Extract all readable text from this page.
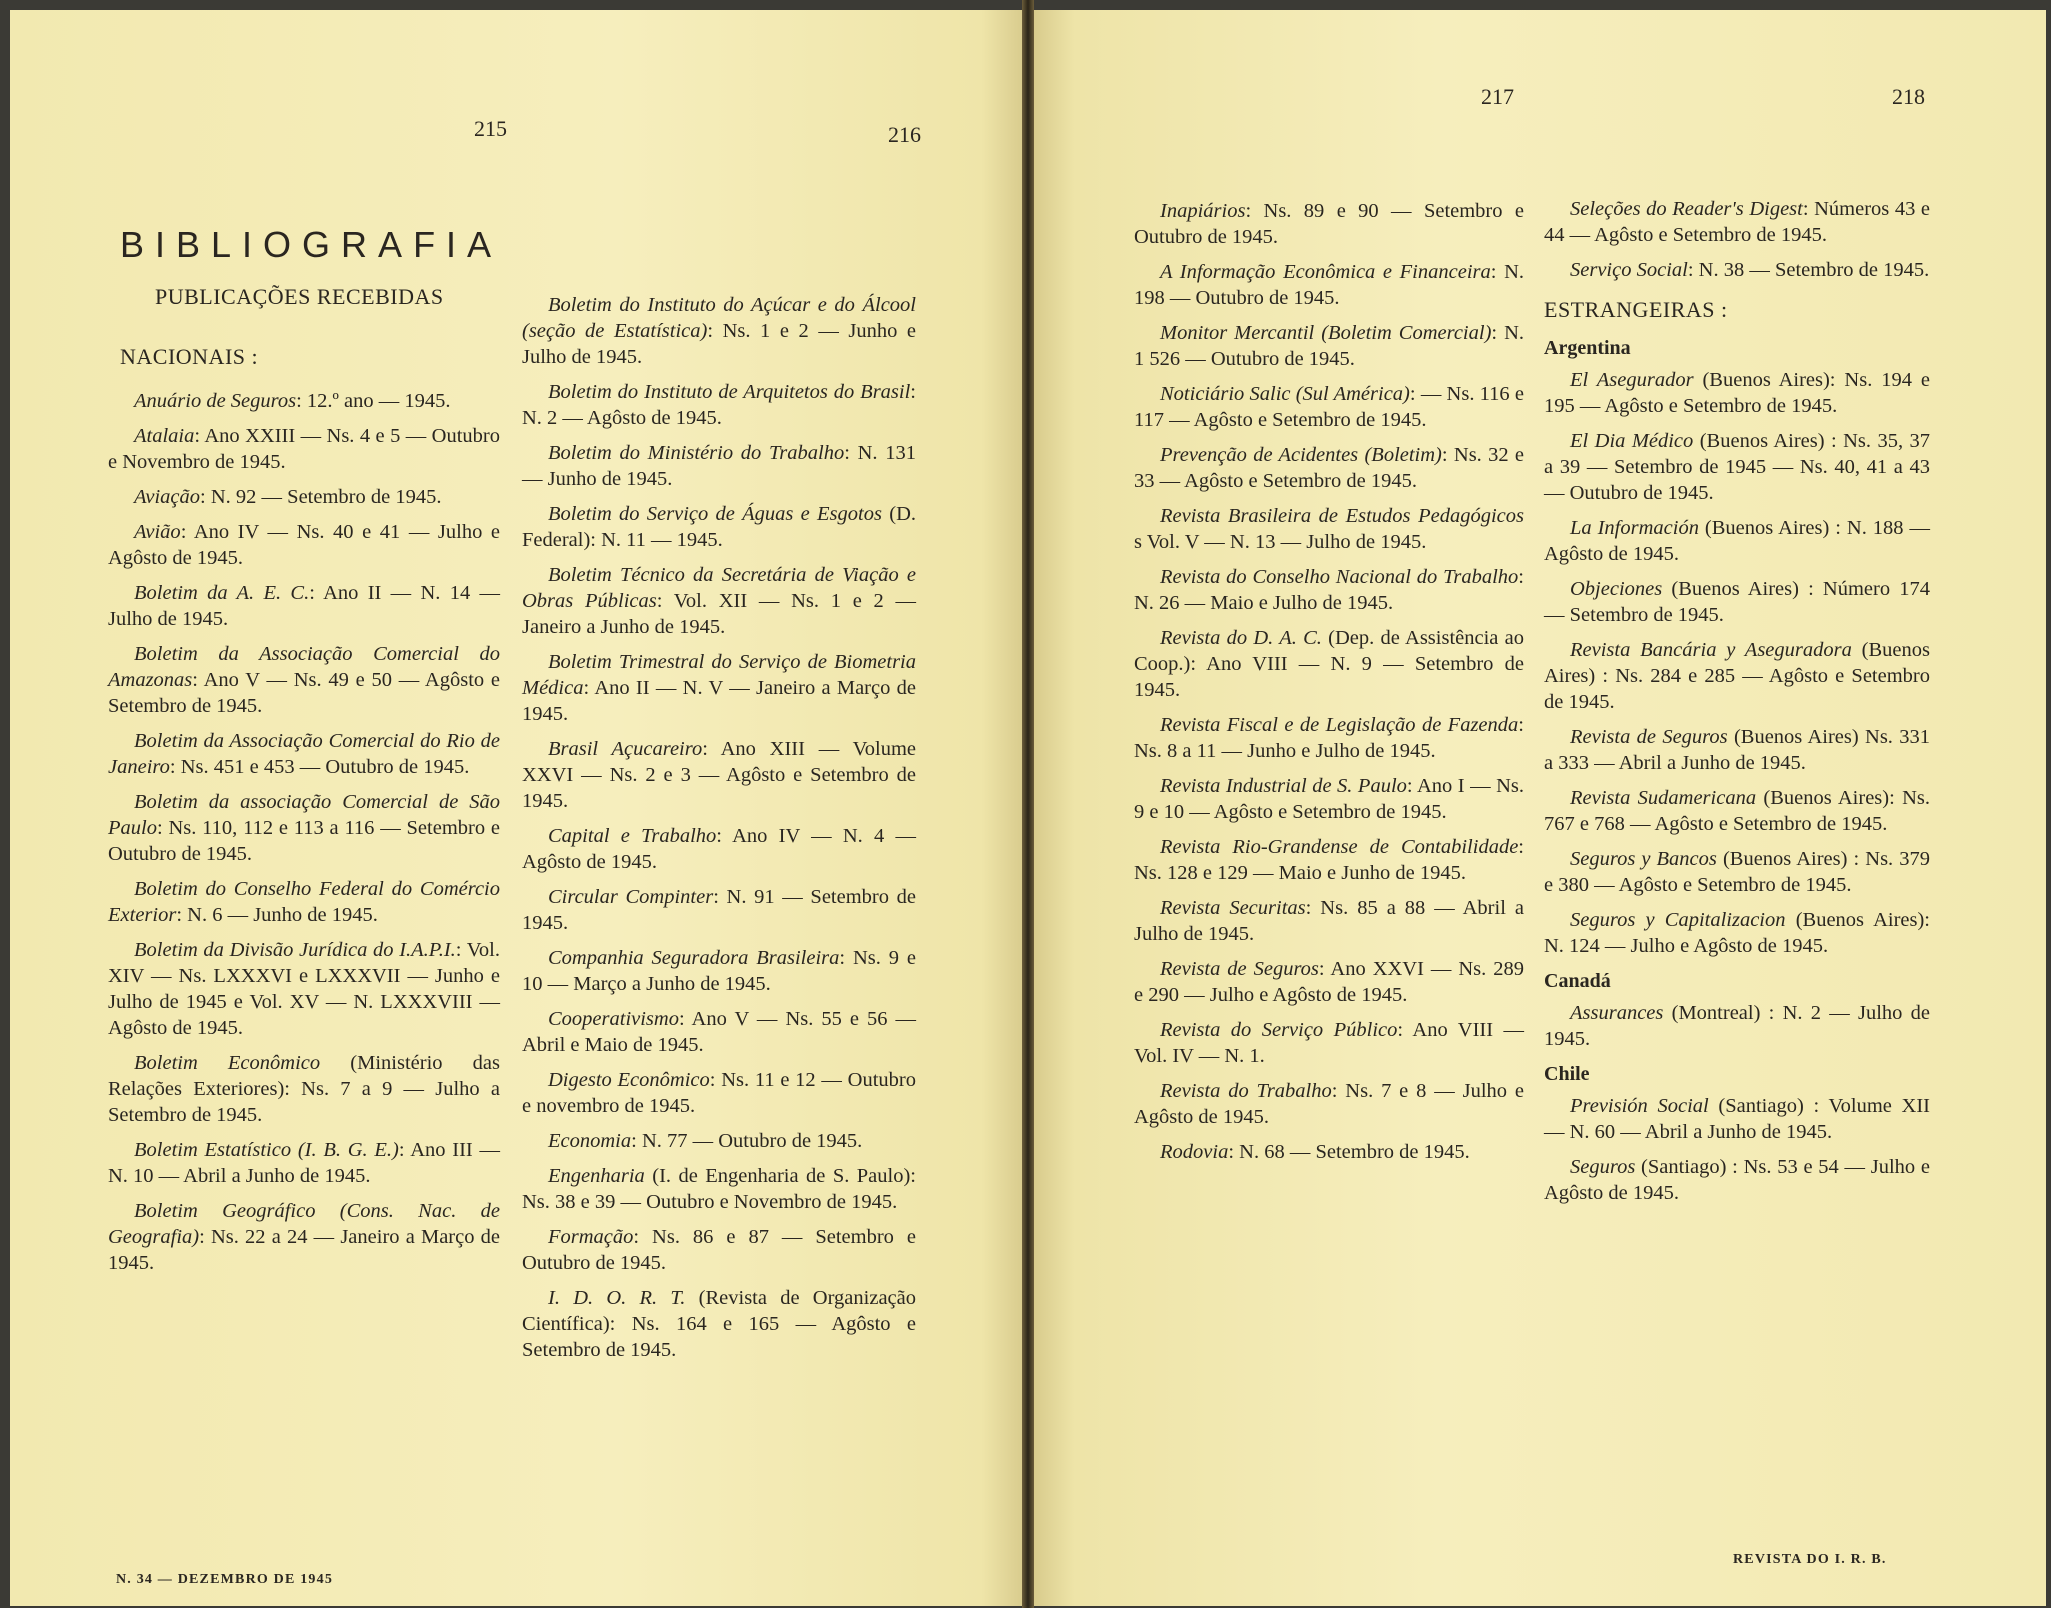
215	216
217	218
BIBLIOGRAFIA
PUBLICAÇÕES RECEBIDAS
NACIONAIS :
Anuário de Seguros: 12.º ano — 1945.
Atalaia: Ano XXIII — Ns. 4 e 5 — Outubro e Novembro de 1945.
Aviação: N. 92 — Setembro de 1945.
Avião: Ano IV — Ns. 40 e 41 — Julho e Agôsto de 1945.
Boletim da A. E. C.: Ano II — N. 14 — Julho de 1945.
Boletim da Associação Comercial do Amazonas: Ano V — Ns. 49 e 50 — Agôsto e Setembro de 1945.
Boletim da Associação Comercial do Rio de Janeiro: Ns. 451 e 453 — Outubro de 1945.
Boletim da associação Comercial de São Paulo: Ns. 110, 112 e 113 a 116 — Setembro e Outubro de 1945.
Boletim do Conselho Federal do Comércio Exterior: N. 6 — Junho de 1945.
Boletim da Divisão Jurídica do I.A.P.I.: Vol. XIV — Ns. LXXXVI e LXXXVII — Junho e Julho de 1945 e Vol. XV — N. LXXXVIII — Agôsto de 1945.
Boletim Econômico (Ministério das Relações Exteriores): Ns. 7 a 9 — Julho a Setembro de 1945.
Boletim Estatístico (I. B. G. E.): Ano III — N. 10 — Abril a Junho de 1945.
Boletim Geográfico (Cons. Nac. de Geografia): Ns. 22 a 24 — Janeiro a Março de 1945.
Boletim do Instituto do Açúcar e do Álcool (seção de Estatística): Ns. 1 e 2 — Junho e Julho de 1945.
Boletim do Instituto de Arquitetos do Brasil: N. 2 — Agôsto de 1945.
Boletim do Ministério do Trabalho: N. 131 — Junho de 1945.
Boletim do Serviço de Águas e Esgotos (D. Federal): N. 11 — 1945.
Boletim Técnico da Secretária de Viação e Obras Públicas: Vol. XII — Ns. 1 e 2 — Janeiro a Junho de 1945.
Boletim Trimestral do Serviço de Biometria Médica: Ano II — N. V — Janeiro a Março de 1945.
Brasil Açucareiro: Ano XIII — Volume XXVI — Ns. 2 e 3 — Agôsto e Setembro de 1945.
Capital e Trabalho: Ano IV — N. 4 — Agôsto de 1945.
Circular Compinter: N. 91 — Setembro de 1945.
Companhia Seguradora Brasileira: Ns. 9 e 10 — Março a Junho de 1945.
Cooperativismo: Ano V — Ns. 55 e 56 — Abril e Maio de 1945.
Digesto Econômico: Ns. 11 e 12 — Outubro e novembro de 1945.
Economia: N. 77 — Outubro de 1945.
Engenharia (I. de Engenharia de S. Paulo): Ns. 38 e 39 — Outubro e Novembro de 1945.
Formação: Ns. 86 e 87 — Setembro e Outubro de 1945.
I. D. O. R. T. (Revista de Organização Científica): Ns. 164 e 165 — Agôsto e Setembro de 1945.
Inapiários: Ns. 89 e 90 — Setembro e Outubro de 1945.
A Informação Econômica e Financeira: N. 198 — Outubro de 1945.
Monitor Mercantil (Boletim Comercial): N. 1 526 — Outubro de 1945.
Noticiário Salic (Sul América): — Ns. 116 e 117 — Agôsto e Setembro de 1945.
Prevenção de Acidentes (Boletim): Ns. 32 e 33 — Agôsto e Setembro de 1945.
Revista Brasileira de Estudos Pedagógicos s Vol. V — N. 13 — Julho de 1945.
Revista do Conselho Nacional do Trabalho: N. 26 — Maio e Julho de 1945.
Revista do D. A. C. (Dep. de Assistência ao Coop.): Ano VIII — N. 9 — Setembro de 1945.
Revista Fiscal e de Legislação de Fazenda: Ns. 8 a 11 — Junho e Julho de 1945.
Revista Industrial de S. Paulo: Ano I — Ns. 9 e 10 — Agôsto e Setembro de 1945.
Revista Rio-Grandense de Contabilidade: Ns. 128 e 129 — Maio e Junho de 1945.
Revista Securitas: Ns. 85 a 88 — Abril a Julho de 1945.
Revista de Seguros: Ano XXVI — Ns. 289 e 290 — Julho e Agôsto de 1945.
Revista do Serviço Público: Ano VIII — Vol. IV — N. 1.
Revista do Trabalho: Ns. 7 e 8 — Julho e Agôsto de 1945.
Rodovia: N. 68 — Setembro de 1945.
Seleções do Reader's Digest: Números 43 e 44 — Agôsto e Setembro de 1945.
Serviço Social: N. 38 — Setembro de 1945.
ESTRANGEIRAS :
Argentina
El Asegurador (Buenos Aires): Ns. 194 e 195 — Agôsto e Setembro de 1945.
El Dia Médico (Buenos Aires) : Ns. 35, 37 a 39 — Setembro de 1945 — Ns. 40, 41 a 43 — Outubro de 1945.
La Información (Buenos Aires) : N. 188 — Agôsto de 1945.
Objeciones (Buenos Aires) : Número 174 — Setembro de 1945.
Revista Bancária y Aseguradora (Buenos Aires) : Ns. 284 e 285 — Agôsto e Setembro de 1945.
Revista de Seguros (Buenos Aires) Ns. 331 a 333 — Abril a Junho de 1945.
Revista Sudamericana (Buenos Aires): Ns. 767 e 768 — Agôsto e Setembro de 1945.
Seguros y Bancos (Buenos Aires) : Ns. 379 e 380 — Agôsto e Setembro de 1945.
Seguros y Capitalizacion (Buenos Aires): N. 124 — Julho e Agôsto de 1945.
Canadá
Assurances (Montreal) : N. 2 — Julho de 1945.
Chile
Previsión Social (Santiago) : Volume XII — N. 60 — Abril a Junho de 1945.
Seguros (Santiago) : Ns. 53 e 54 — Julho e Agôsto de 1945.
N. 34 — DEZEMBRO DE 1945
REVISTA DO I. R. B.
